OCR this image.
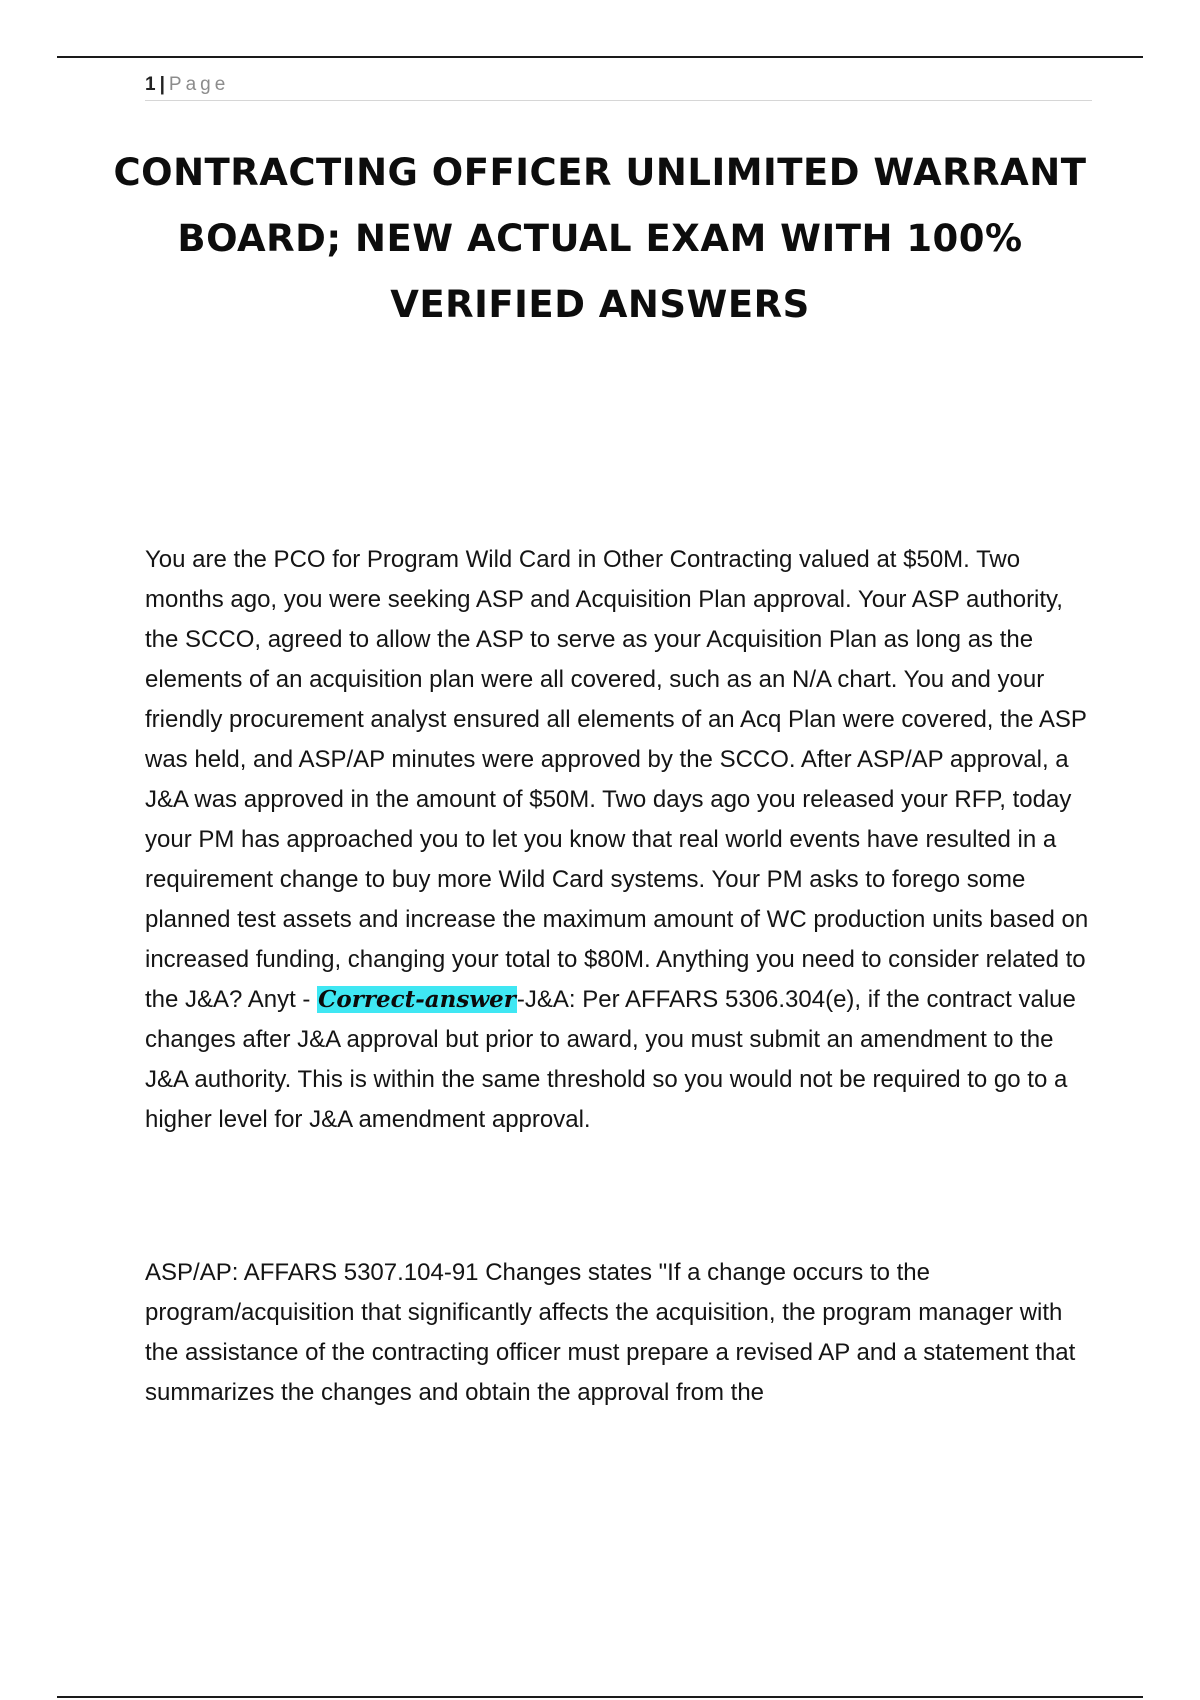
1 | Page
CONTRACTING OFFICER UNLIMITED WARRANT BOARD; NEW ACTUAL EXAM WITH 100% VERIFIED ANSWERS

You are the PCO for Program Wild Card in Other Contracting valued at $50M. Two months ago, you were seeking ASP and Acquisition Plan approval. Your ASP authority, the SCCO, agreed to allow the ASP to serve as your Acquisition Plan as long as the elements of an acquisition plan were all covered, such as an N/A chart. You and your friendly procurement analyst ensured all elements of an Acq Plan were covered, the ASP was held, and ASP/AP minutes were approved by the SCCO. After ASP/AP approval, a J&A was approved in the amount of $50M. Two days ago you released your RFP, today your PM has approached you to let you know that real world events have resulted in a requirement change to buy more Wild Card systems. Your PM asks to forego some planned test assets and increase the maximum amount of WC production units based on increased funding, changing your total to $80M. Anything you need to consider related to the J&A? Anyt - Correct-answer-J&A: Per AFFARS 5306.304(e), if the contract value changes after J&A approval but prior to award, you must submit an amendment to the J&A authority. This is within the same threshold so you would not be required to go to a higher level for J&A amendment approval.

ASP/AP: AFFARS 5307.104-91 Changes states "If a change occurs to the program/acquisition that significantly affects the acquisition, the program manager with the assistance of the contracting officer must prepare a revised AP and a statement that summarizes the changes and obtain the approval from the
